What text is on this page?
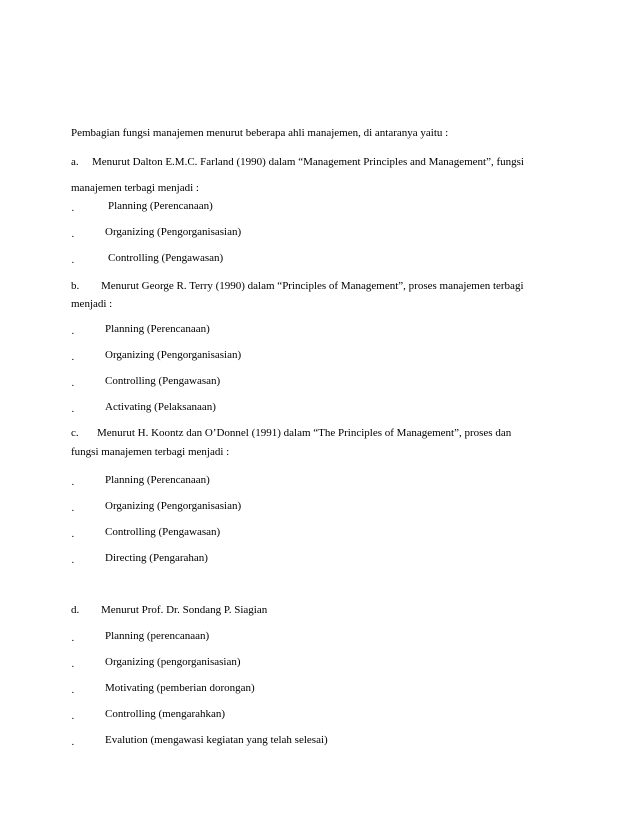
Pembagian fungsi manajemen menurut beberapa ahli manajemen, di antaranya yaitu :
a. Menurut Dalton E.M.C. Farland (1990) dalam “Management Principles and Management”, fungsi
manajemen terbagi menjadi :
·	Planning (Perencanaan)
·	Organizing (Pengorganisasian)
·	Controlling (Pengawasan)
b. Menurut George R. Terry (1990) dalam “Principles of Management”, proses manajemen terbagi
menjadi :
·	Planning (Perencanaan)
·	Organizing (Pengorganisasian)
·	Controlling (Pengawasan)
·	Activating (Pelaksanaan)
c. Menurut H. Koontz dan O’Donnel (1991) dalam “The Principles of Management”, proses dan
fungsi manajemen terbagi menjadi :
·	Planning (Perencanaan)
·	Organizing (Pengorganisasian)
·	Controlling (Pengawasan)
·	Directing (Pengarahan)
d. Menurut Prof. Dr. Sondang P. Siagian
·	Planning (perencanaan)
·	Organizing (pengorganisasian)
·	Motivating (pemberian dorongan)
·	Controlling (mengarahkan)
·	Evalution (mengawasi kegiatan yang telah selesai)
